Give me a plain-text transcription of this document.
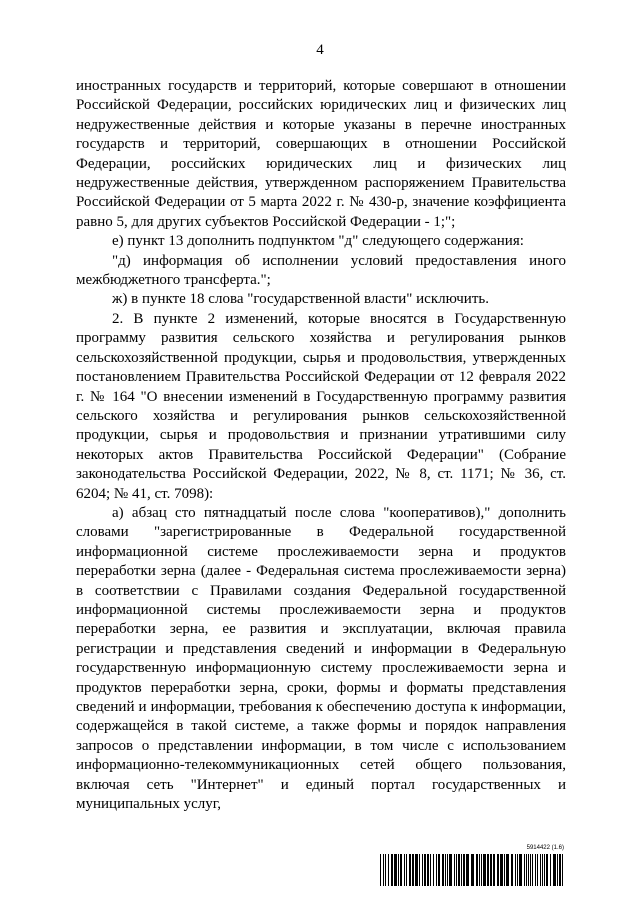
4

иностранных государств и территорий, которые совершают в отношении Российской Федерации, российских юридических лиц и физических лиц недружественные действия и которые указаны в перечне иностранных государств и территорий, совершающих в отношении Российской Федерации, российских юридических лиц и физических лиц недружественные действия, утвержденном распоряжением Правительства Российской Федерации от 5 марта 2022 г. № 430-р, значение коэффициента равно 5, для других субъектов Российской Федерации - 1;";

е) пункт 13 дополнить подпунктом "д" следующего содержания:

"д) информация об исполнении условий предоставления иного межбюджетного трансферта.";

ж) в пункте 18 слова "государственной власти" исключить.

2. В пункте 2 изменений, которые вносятся в Государственную программу развития сельского хозяйства и регулирования рынков сельскохозяйственной продукции, сырья и продовольствия, утвержденных постановлением Правительства Российской Федерации от 12 февраля 2022 г. № 164 "О внесении изменений в Государственную программу развития сельского хозяйства и регулирования рынков сельскохозяйственной продукции, сырья и продовольствия и признании утратившими силу некоторых актов Правительства Российской Федерации" (Собрание законодательства Российской Федерации, 2022, № 8, ст. 1171; № 36, ст. 6204; № 41, ст. 7098):

а) абзац сто пятнадцатый после слова "кооперативов)," дополнить словами "зарегистрированные в Федеральной государственной информационной системе прослеживаемости зерна и продуктов переработки зерна (далее - Федеральная система прослеживаемости зерна) в соответствии с Правилами создания Федеральной государственной информационной системы прослеживаемости зерна и продуктов переработки зерна, ее развития и эксплуатации, включая правила регистрации и представления сведений и информации в Федеральную государственную информационную систему прослеживаемости зерна и продуктов переработки зерна, сроки, формы и форматы представления сведений и информации, требования к обеспечению доступа к информации, содержащейся в такой системе, а также формы и порядок направления запросов о представлении информации, в том числе с использованием информационно-телекоммуникационных сетей общего пользования, включая сеть "Интернет" и единый портал государственных и муниципальных услуг,

5914422 (1.6)
